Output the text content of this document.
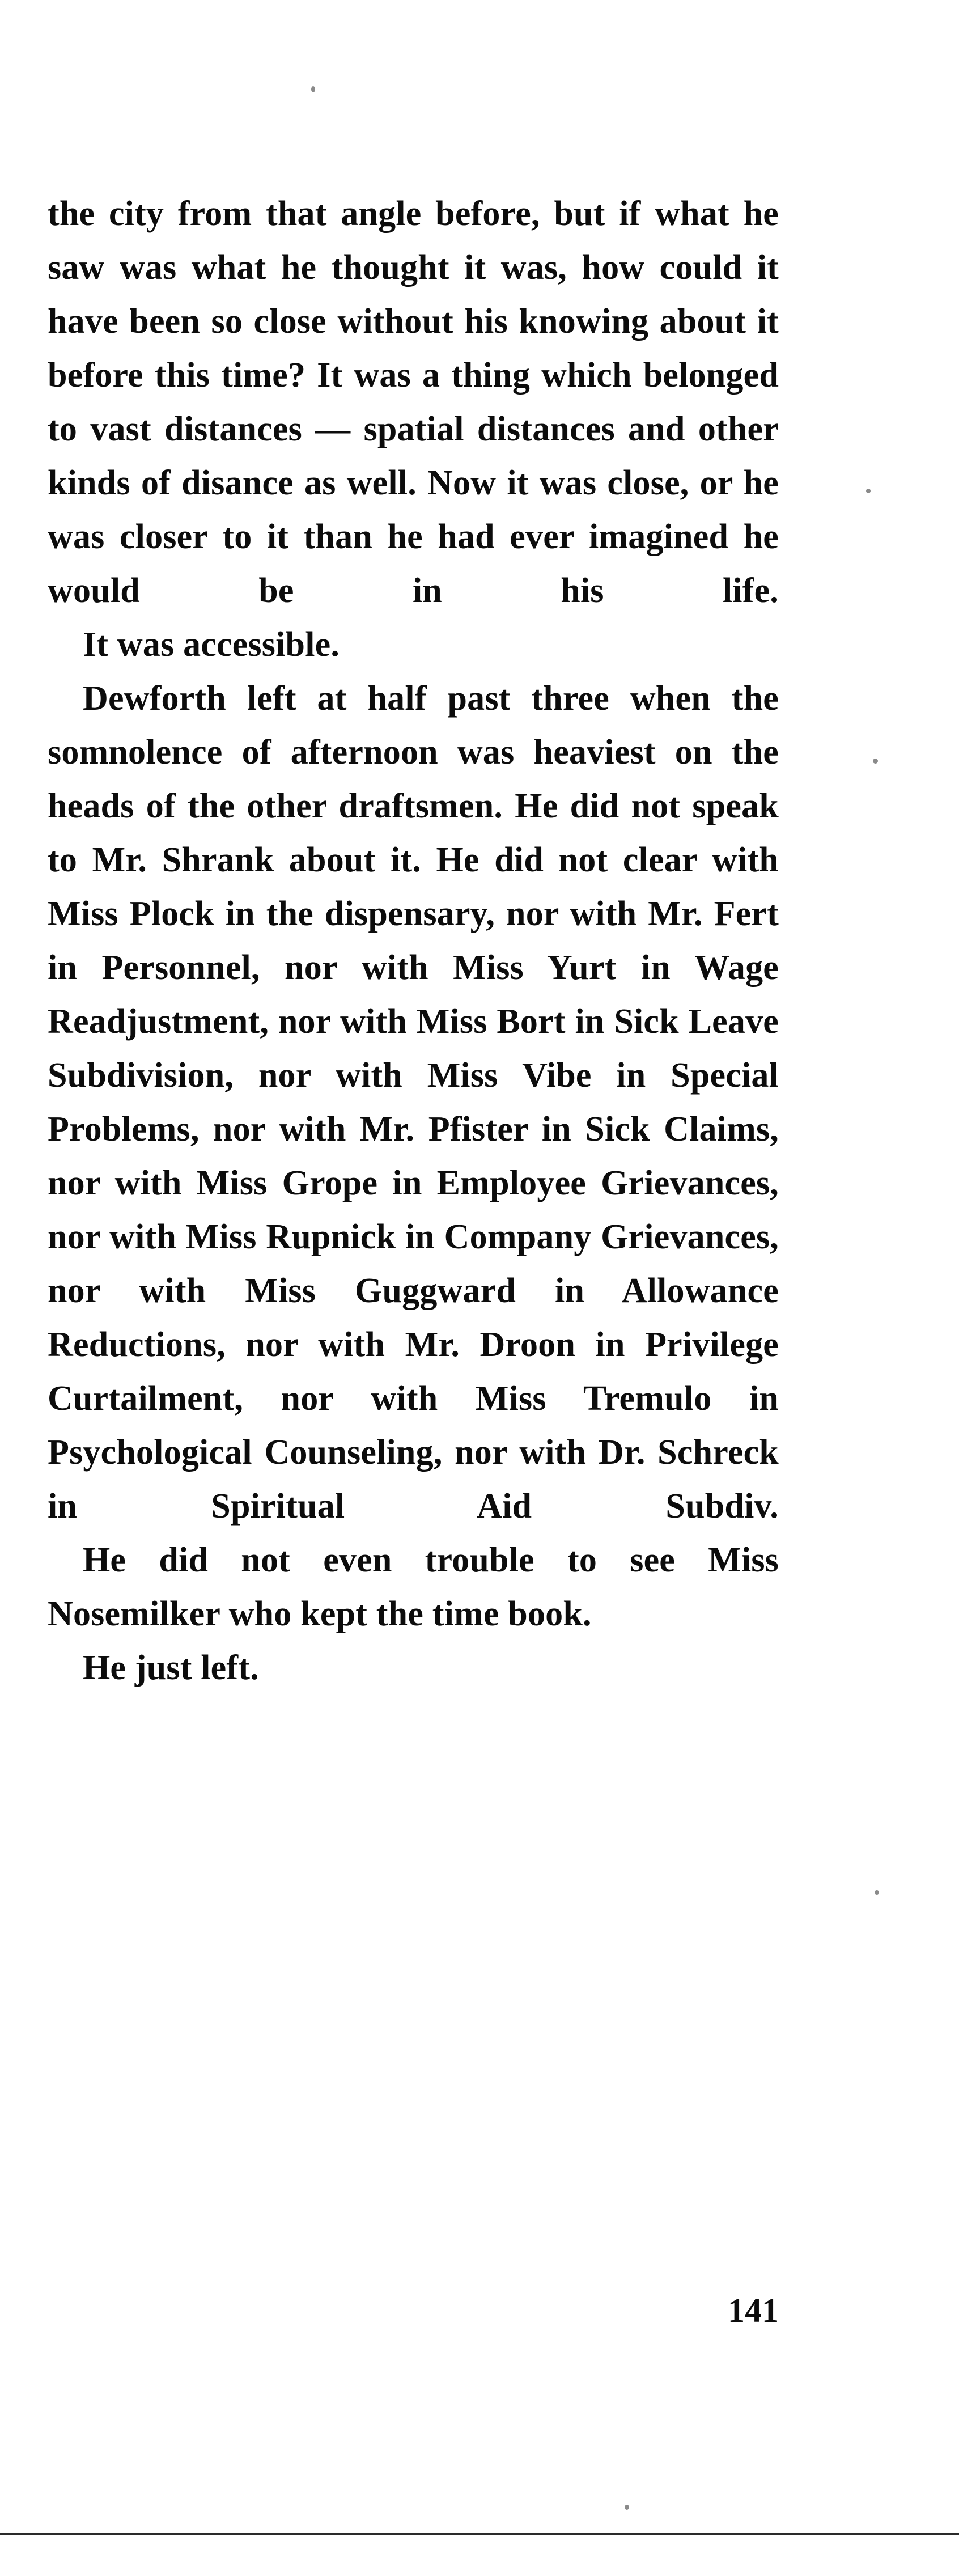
the city from that angle before, but if what he saw was what he thought it was, how could it have been so close without his knowing about it before this time? It was a thing which belonged to vast distances — spatial distances and other kinds of disance as well. Now it was close, or he was closer to it than he had ever imagined he would be in his life.

It was accessible.

Dewforth left at half past three when the somnolence of afternoon was heaviest on the heads of the other draftsmen. He did not speak to Mr. Shrank about it. He did not clear with Miss Plock in the dispensary, nor with Mr. Fert in Personnel, nor with Miss Yurt in Wage Readjustment, nor with Miss Bort in Sick Leave Subdivision, nor with Miss Vibe in Special Problems, nor with Mr. Pfister in Sick Claims, nor with Miss Grope in Employee Grievances, nor with Miss Rupnick in Company Grievances, nor with Miss Guggward in Allowance Reductions, nor with Mr. Droon in Privilege Curtailment, nor with Miss Tremulo in Psychological Counseling, nor with Dr. Schreck in Spiritual Aid Subdiv.

He did not even trouble to see Miss Nosemilker who kept the time book.

He just left.

141
